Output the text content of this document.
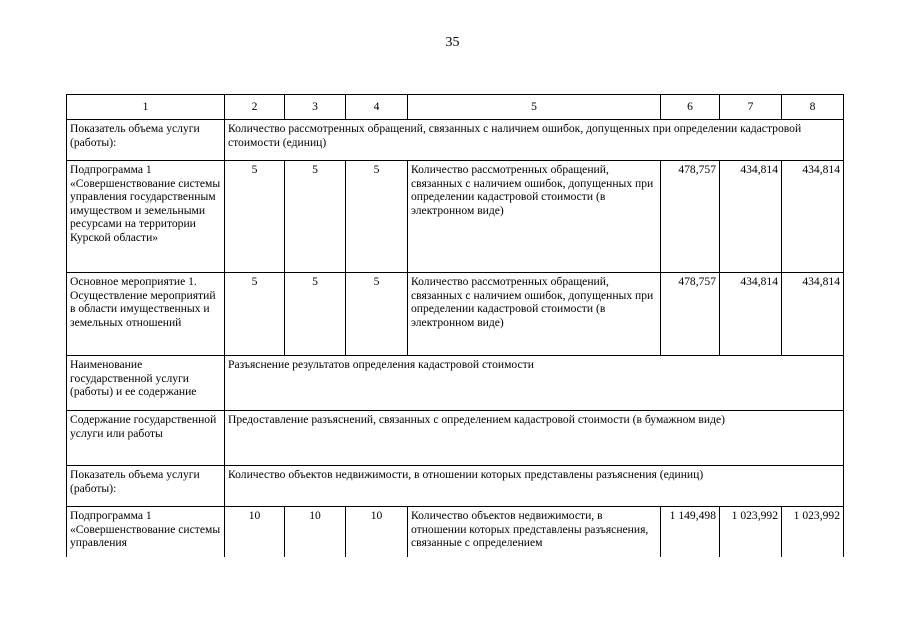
35
1	2	3	4	5	6	7	8
Показатель объема услуги (работы):	Количество рассмотренных обращений, связанных с наличием ошибок, допущенных при определении кадастровой стоимости (единиц)						
Подпрограмма 1 «Совершенствование системы управления государственным имуществом и земельными ресурсами на территории Курской области»	5	5	5	Количество рассмотренных обращений, связанных с наличием ошибок, допущенных при определении кадастровой стоимости (в электронном виде)	478,757	434,814	434,814
Основное мероприятие 1. Осуществление мероприятий в области имущественных и земельных отношений	5	5	5	Количество рассмотренных обращений, связанных с наличием ошибок, допущенных при определении кадастровой стоимости (в электронном виде)	478,757	434,814	434,814
Наименование государственной услуги (работы) и ее содержание	Разъяснение результатов определения кадастровой стоимости						
Содержание государственной услуги или работы	Предоставление разъяснений, связанных с определением кадастровой стоимости (в бумажном виде)						
Показатель объема услуги (работы):	Количество объектов недвижимости, в отношении которых представлены разъяснения (единиц)						
Подпрограмма 1 «Совершенствование системы управления	10	10	10	Количество объектов недвижимости, в отношении которых представлены разъяснения, связанные с определением	1 149,498	1 023,992	1 023,992
